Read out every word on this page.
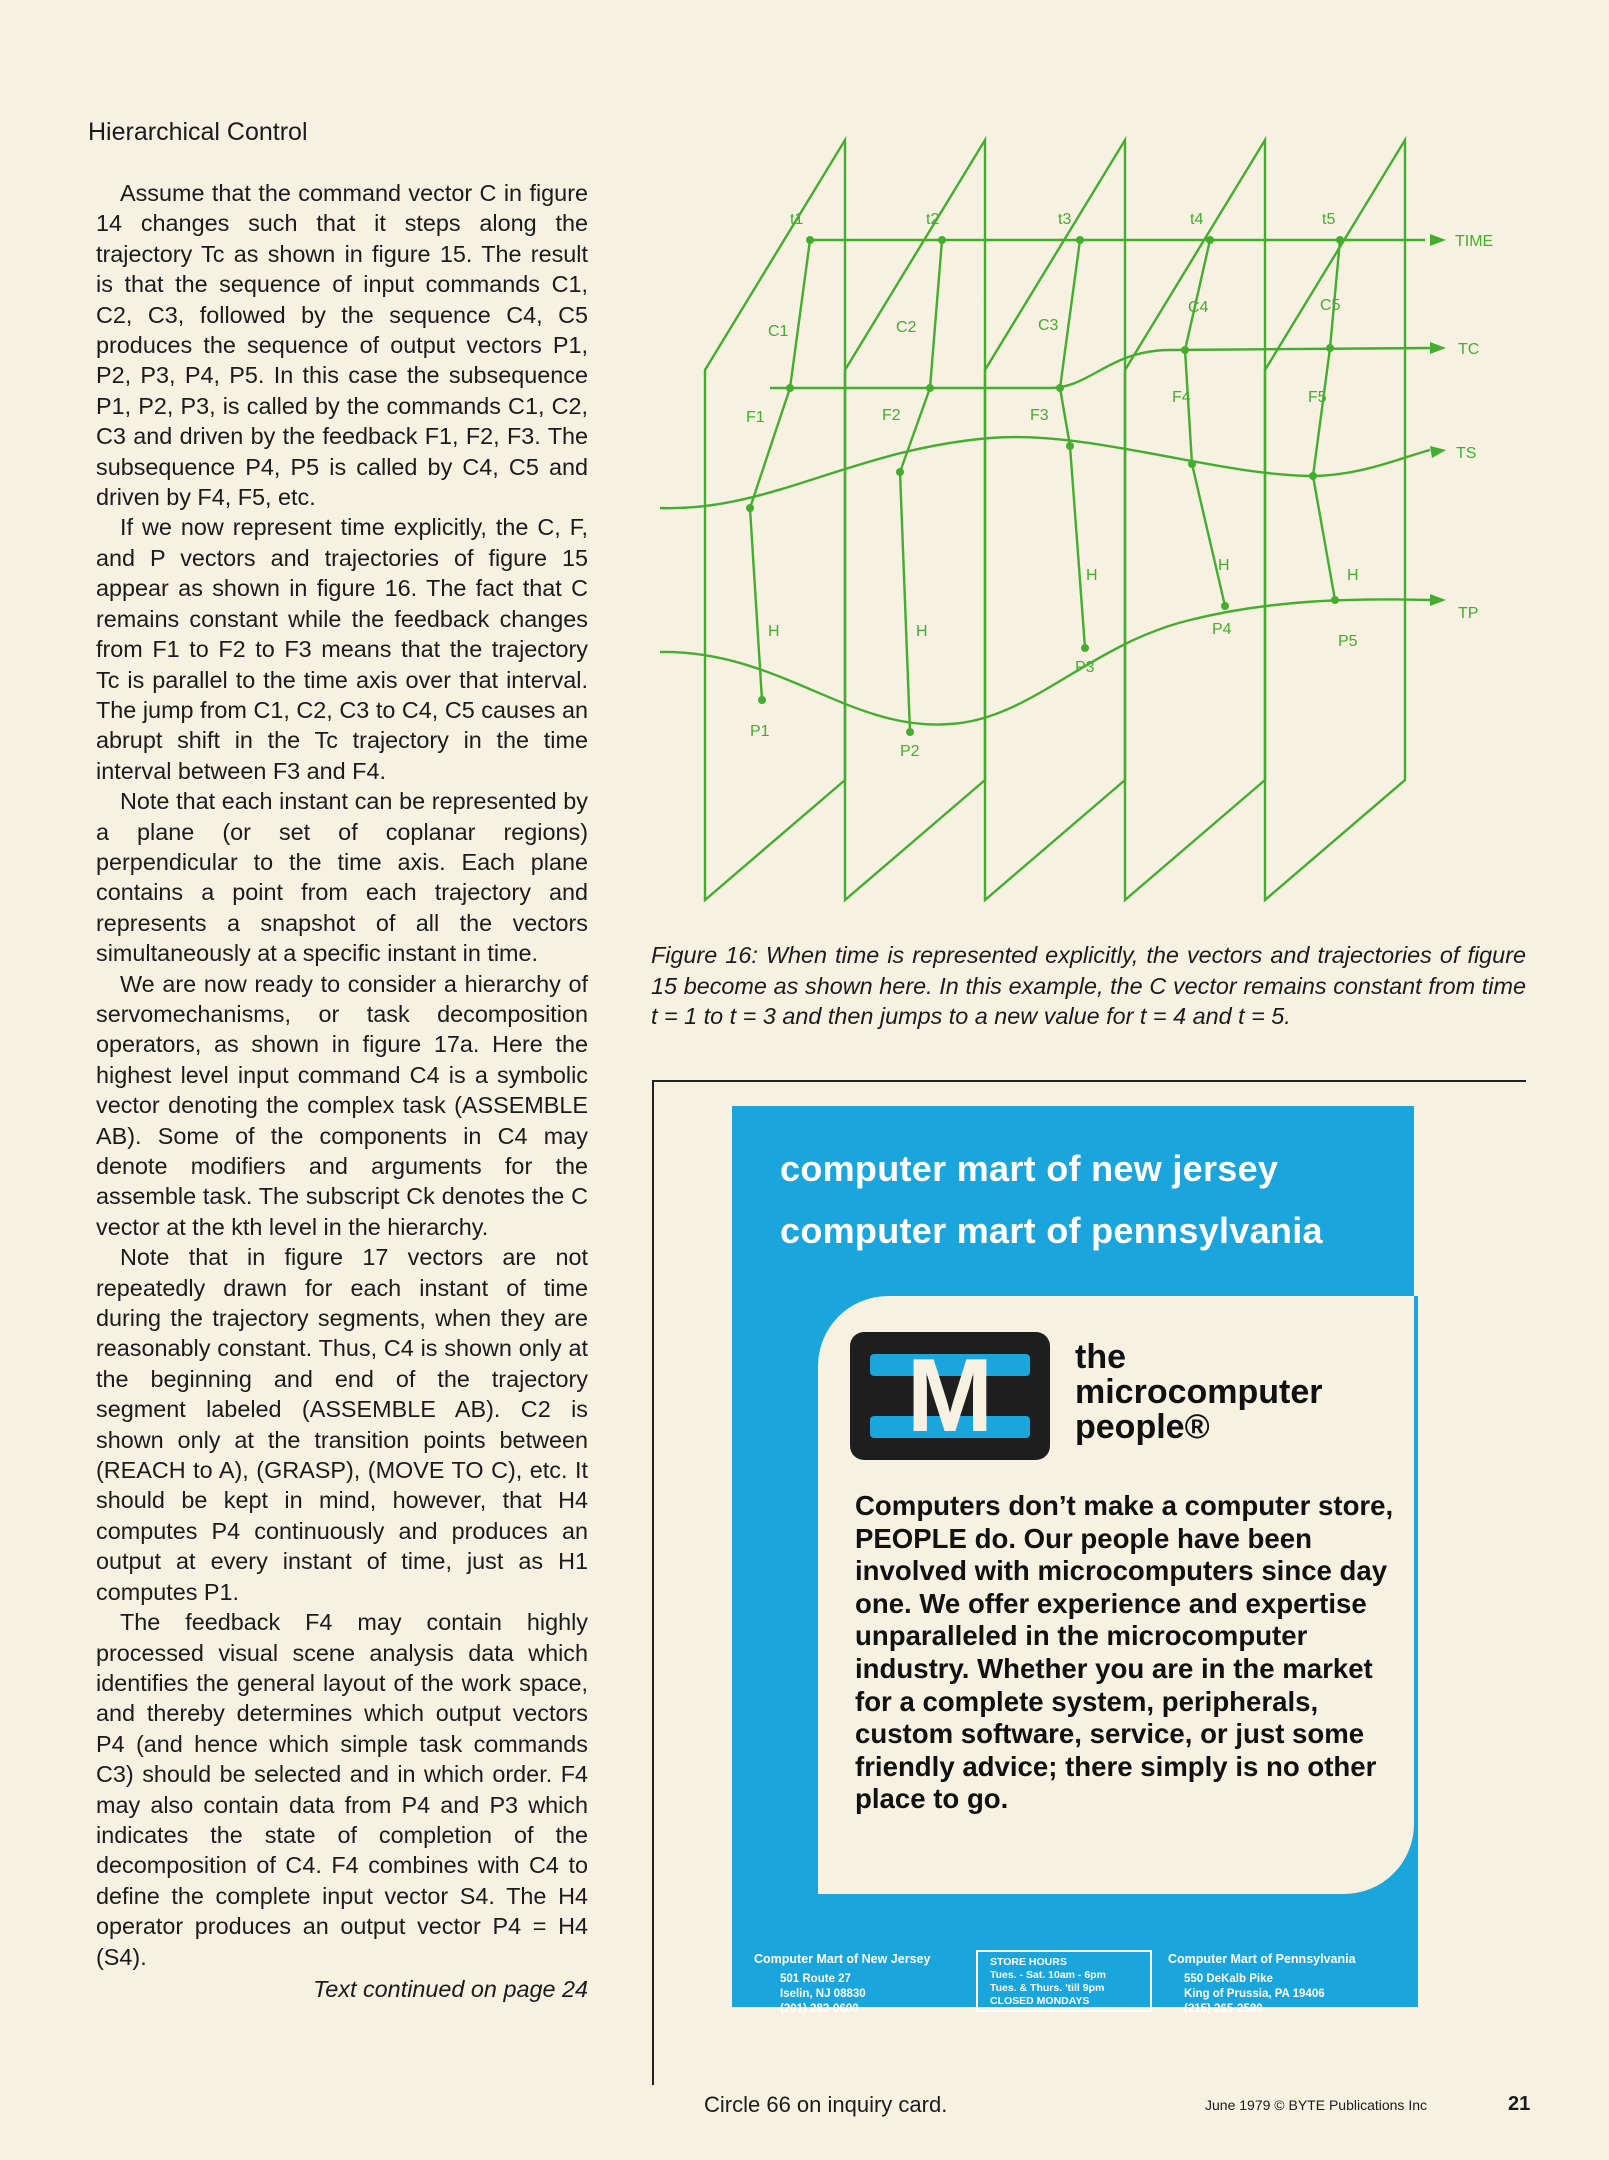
Hierarchical Control

Assume that the command vector C in figure 14 changes such that it steps along the trajectory Tc as shown in figure 15. The result is that the sequence of input commands C1, C2, C3, followed by the sequence C4, C5 produces the sequence of output vectors P1, P2, P3, P4, P5. In this case the subsequence P1, P2, P3, is called by the commands C1, C2, C3 and driven by the feedback F1, F2, F3. The subsequence P4, P5 is called by C4, C5 and driven by F4, F5, etc.

If we now represent time explicitly, the C, F, and P vectors and trajectories of figure 15 appear as shown in figure 16. The fact that C remains constant while the feedback changes from F1 to F2 to F3 means that the trajectory Tc is parallel to the time axis over that interval. The jump from C1, C2, C3 to C4, C5 causes an abrupt shift in the Tc trajectory in the time interval between F3 and F4.

Note that each instant can be represented by a plane (or set of coplanar regions) perpendicular to the time axis. Each plane contains a point from each trajectory and represents a snapshot of all the vectors simultaneously at a specific instant in time.

We are now ready to consider a hierarchy of servomechanisms, or task decomposition operators, as shown in figure 17a. Here the highest level input command C4 is a symbolic vector denoting the complex task (ASSEMBLE AB). Some of the components in C4 may denote modifiers and arguments for the assemble task. The subscript Ck denotes the C vector at the kth level in the hierarchy.

Note that in figure 17 vectors are not repeatedly drawn for each instant of time during the trajectory segments, when they are reasonably constant. Thus, C4 is shown only at the beginning and end of the trajectory segment labeled (ASSEMBLE AB). C2 is shown only at the transition points between (REACH to A), (GRASP), (MOVE TO C), etc. It should be kept in mind, however, that H4 computes P4 continuously and produces an output at every instant of time, just as H1 computes P1.

The feedback F4 may contain highly processed visual scene analysis data which identifies the general layout of the work space, and thereby determines which output vectors P4 (and hence which simple task commands C3) should be selected and in which order. F4 may also contain data from P4 and P3 which indicates the state of completion of the decomposition of C4. F4 combines with C4 to define the complete input vector S4. The H4 operator produces an output vector P4 = H4 (S4).

Text continued on page 24

t1	t2	t3	t4	t5
C1	C2	C3
C4	C5
F1	F2	F3
F4	F5
H	H
H
H
H
P1
P2
P3
P4
P5
TIME
TC
TS
TP
Figure 16: When time is represented explicitly, the vectors and trajectories of figure 15 become as shown here. In this example, the C vector remains constant from time t = 1 to t = 3 and then jumps to a new value for t = 4 and t = 5.
computer mart of new jersey
computer mart of pennsylvania
M	the
microcomputer
people®
Computers don’t make a computer store, PEOPLE do. Our people have been involved with microcomputers since day one. We offer experience and expertise unparalleled in the microcomputer industry. Whether you are in the market for a complete system, peripherals, custom software, service, or just some friendly advice; there simply is no other place to go.
Computer Mart of New Jersey
501 Route 27
Iselin, NJ 08830
(201) 283-0600
STORE HOURS
Tues. - Sat. 10am - 6pm
Tues. & Thurs. 'till 9pm
CLOSED MONDAYS
Computer Mart of Pennsylvania
550 DeKalb Pike
King of Prussia, PA 19406
(215) 265-2580
Circle 66 on inquiry card.	June 1979 © BYTE Publications Inc	21
